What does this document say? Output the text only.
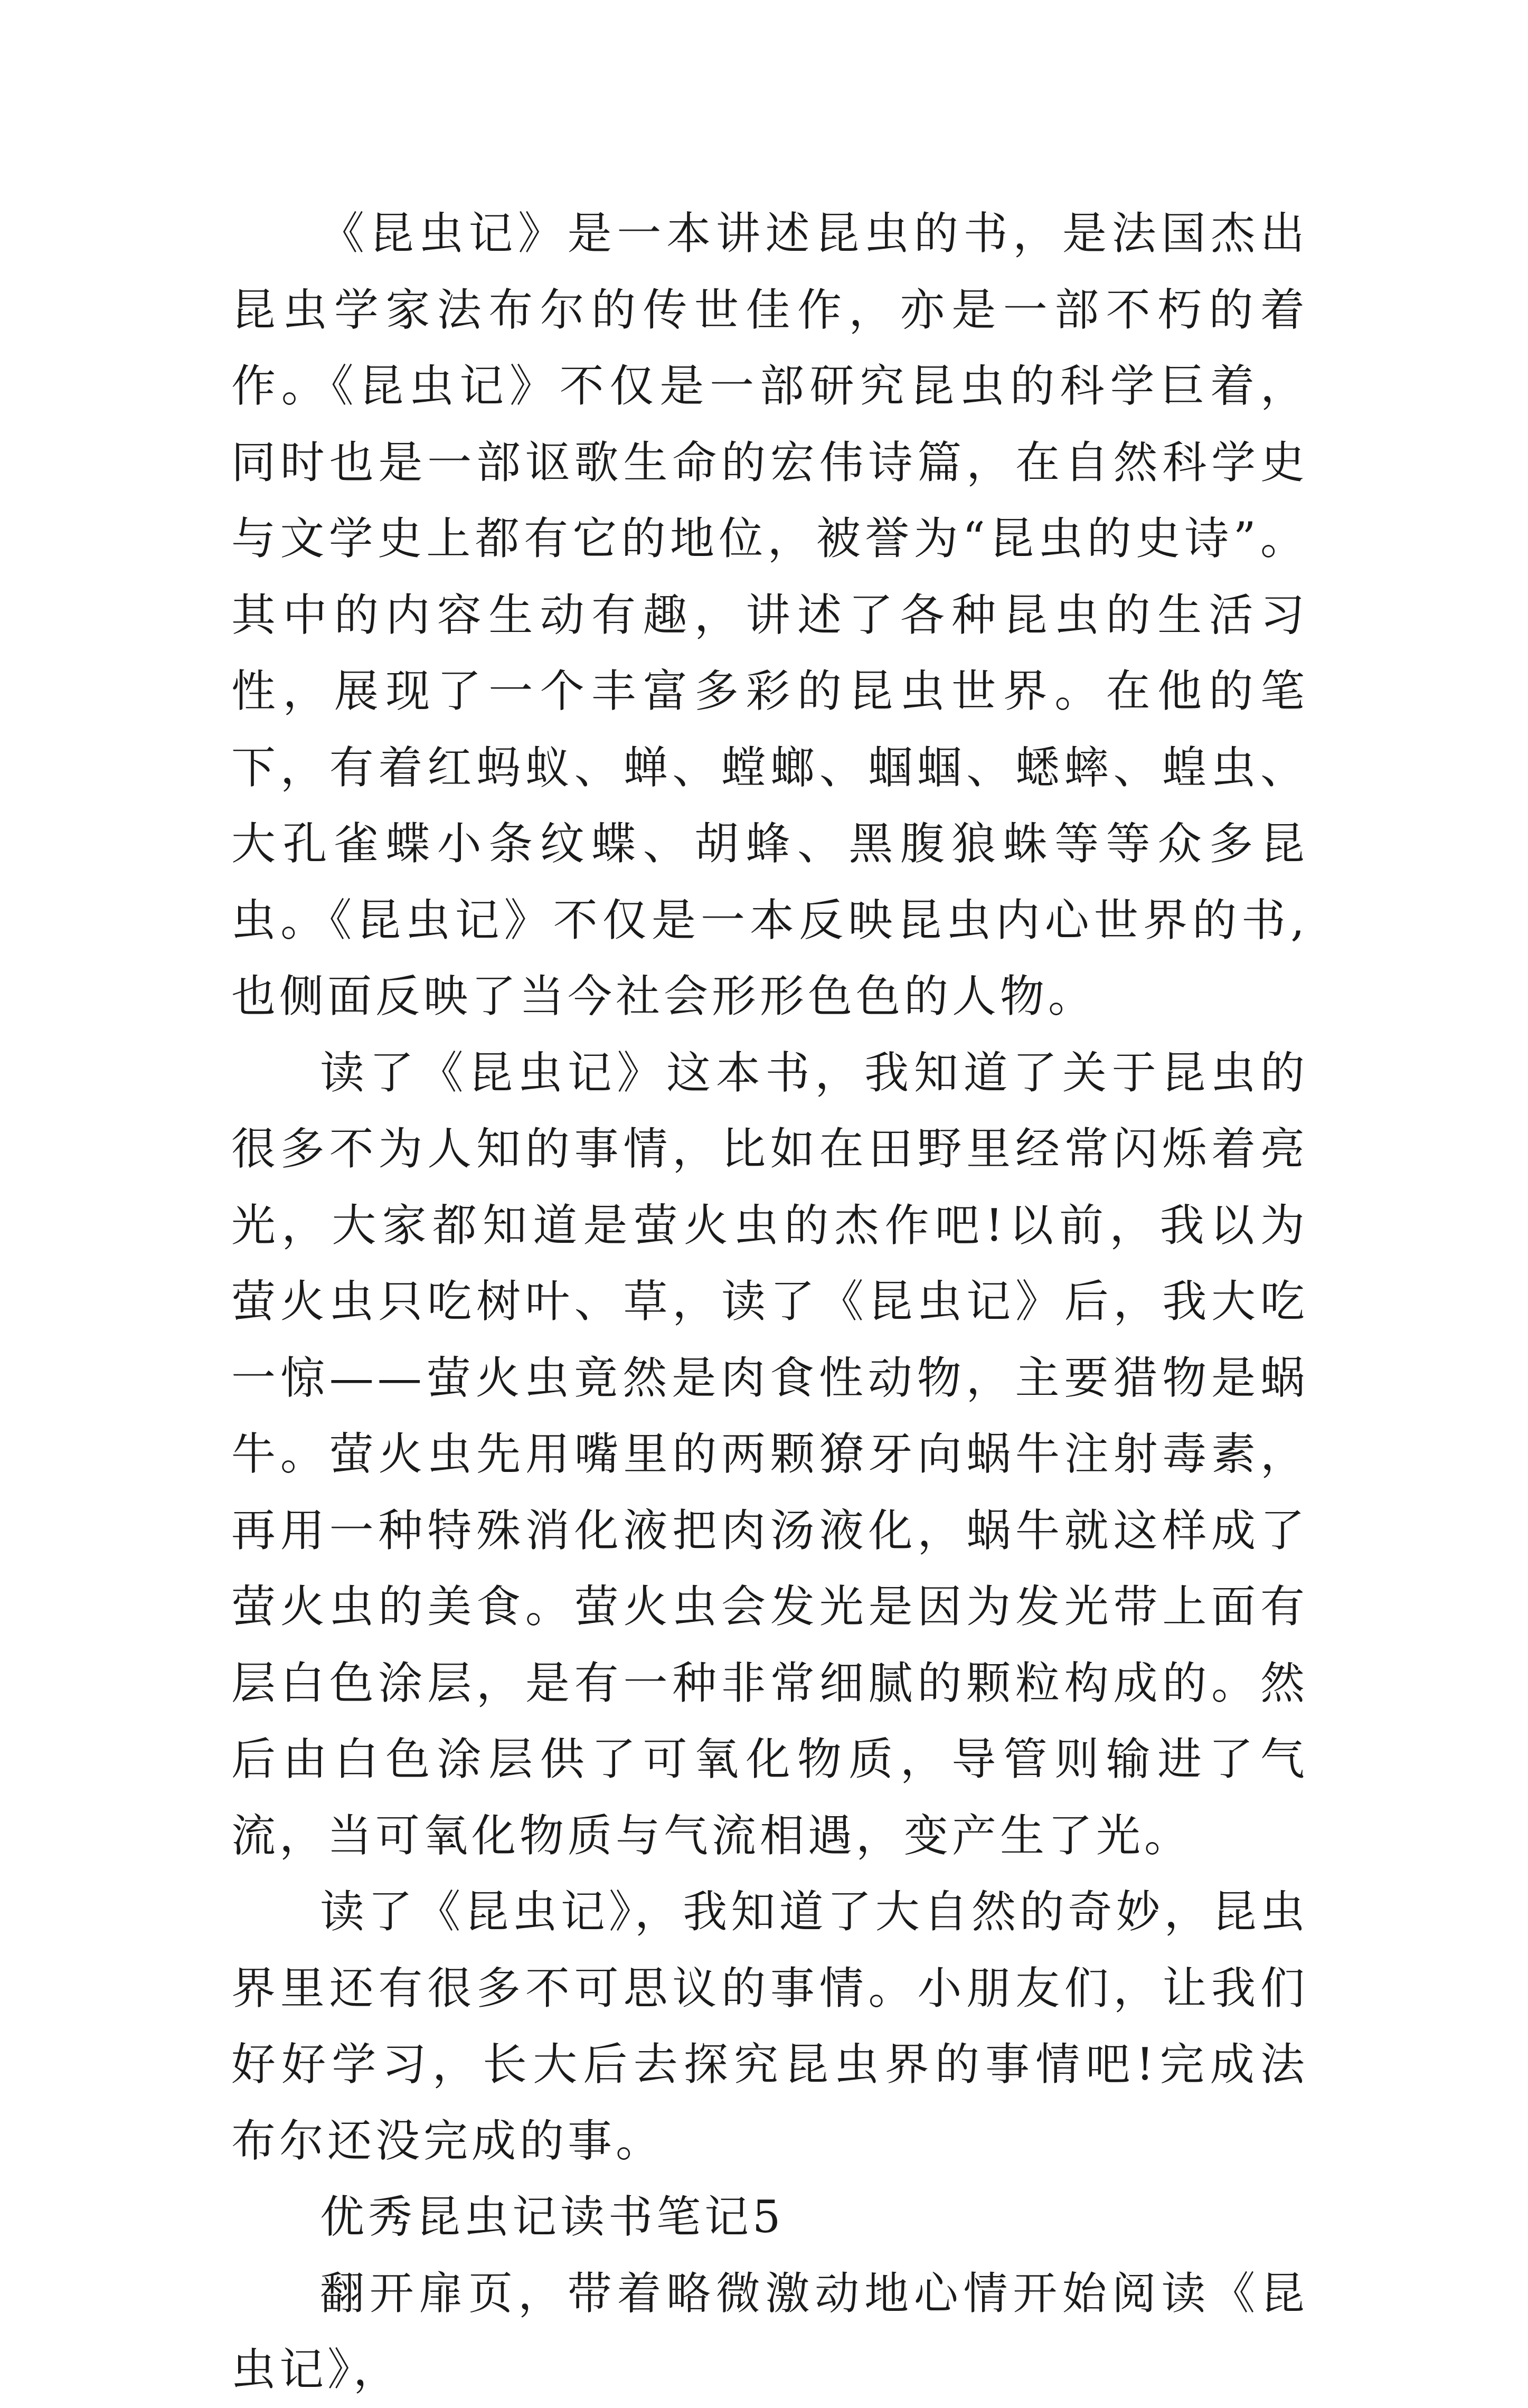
《昆虫记》是一本讲述昆虫的书，是法国杰出昆虫学家法布尔的传世佳作，亦是一部不朽的着作。《昆虫记》不仅是一部研究昆虫的科学巨着，同时也是一部讴歌生命的宏伟诗篇，在自然科学史与文学史上都有它的地位，被誉为“昆虫的史诗”。其中的内容生动有趣，讲述了各种昆虫的生活习性，展现了一个丰富多彩的昆虫世界。在他的笔下，有着红蚂蚁、蝉、螳螂、蝈蝈、蟋蟀、蝗虫、大孔雀蝶小条纹蝶、胡蜂、黑腹狼蛛等等众多昆虫。《昆虫记》不仅是一本反映昆虫内心世界的书,也侧面反映了当今社会形形色色的人物。

读了《昆虫记》这本书，我知道了关于昆虫的很多不为人知的事情，比如在田野里经常闪烁着亮光，大家都知道是萤火虫的杰作吧!以前，我以为萤火虫只吃树叶、草，读了《昆虫记》后，我大吃一惊——萤火虫竟然是肉食性动物，主要猎物是蜗牛。萤火虫先用嘴里的两颗獠牙向蜗牛注射毒素，再用一种特殊消化液把肉汤液化，蜗牛就这样成了萤火虫的美食。萤火虫会发光是因为发光带上面有层白色涂层，是有一种非常细腻的颗粒构成的。然后由白色涂层供了可氧化物质，导管则输进了气流，当可氧化物质与气流相遇，变产生了光。

读了《昆虫记》，我知道了大自然的奇妙，昆虫界里还有很多不可思议的事情。小朋友们，让我们好好学习，长大后去探究昆虫界的事情吧!完成法布尔还没完成的事。

优秀昆虫记读书笔记5

翻开扉页，带着略微激动地心情开始阅读《昆虫记》，
